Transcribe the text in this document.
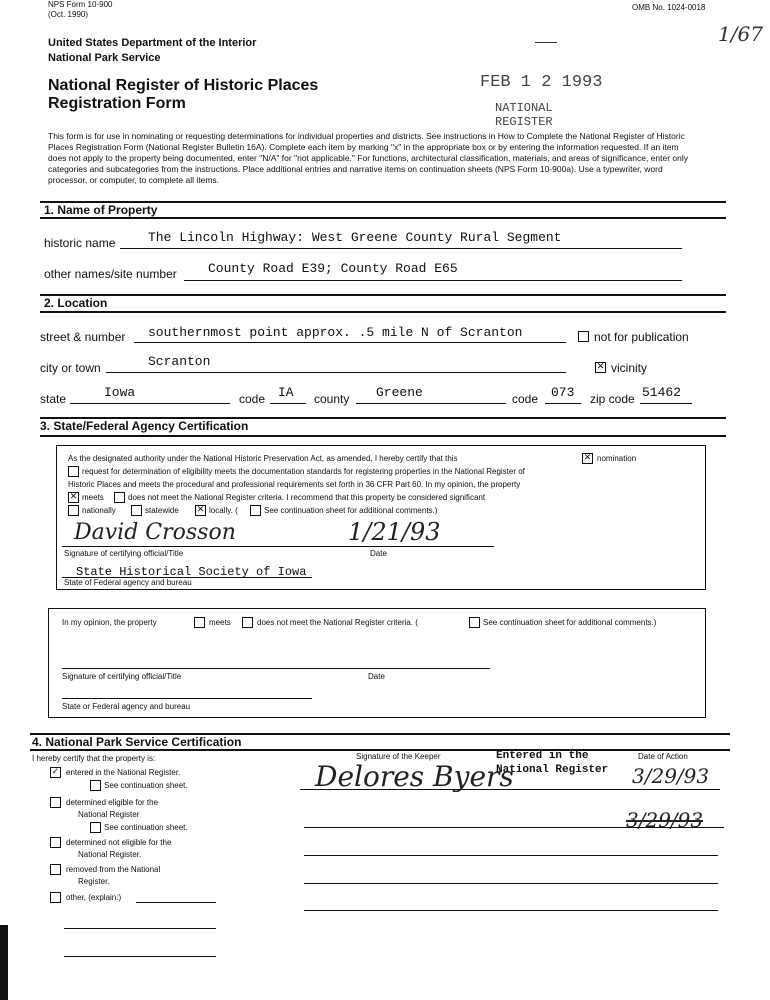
NPS Form 10-900
(Oct. 1990)
OMB No. 1024-0018
1/67
United States Department of the Interior
National Park Service
National Register of Historic Places
Registration Form
FEB 1 2 1993
NATIONAL
REGISTER
This form is for use in nominating or requesting determinations for individual properties and districts. See instructions in How to Complete the National Register of Historic Places Registration Form (National Register Bulletin 16A). Complete each item by marking "x" in the appropriate box or by entering the information requested. If an item does not apply to the property being documented, enter "N/A" for "not applicable." For functions, architectural classification, materials, and areas of significance, enter only categories and subcategories from the instructions. Place additional entries and narrative items on continuation sheets (NPS Form 10-900a). Use a typewriter, word processor, or computer, to complete all items.
1. Name of Property
historic name	The Lincoln Highway: West Greene County Rural Segment
other names/site number County Road E39; County Road E65
2. Location
street & number southernmost point approx. .5 mile N of Scranton	not for publication
city or town	Scranton	✕ vicinity
state	Iowa	code IA county Greene	code 073 zip code 51462
3. State/Federal Agency Certification
As the designated authority under the National Historic Preservation Act, as amended, I hereby certify that this	✕ nomination
request for determination of eligibility meets the documentation standards for registering properties in the National Register of
Historic Places and meets the procedural and professional requirements set forth in 36 CFR Part 60. In my opinion, the property
✕ meets	does not meet the National Register criteria. I recommend that this property be considered significant
nationally	statewide ✕ locally. (	See continuation sheet for additional comments.)
David Crosson	1/21/93
Signature of certifying official/Title	Date
State Historical Society of Iowa
State of Federal agency and bureau
In my opinion, the property	meets	does not meet the National Register criteria. (	See continuation sheet for additional comments.)
Signature of certifying official/Title	Date
State or Federal agency and bureau
4. National Park Service Certification
I hereby certify that the property is:	Signature of the Keeper	Date of Action
Entered in the
National Register
Delores Byers	3/29/93
3/29/93
✓ entered in the National Register.
See continuation sheet.
determined eligible for the
National Register
See continuation sheet.
determined not eligible for the
National Register.
removed from the National
Register.
other, (explain:)
